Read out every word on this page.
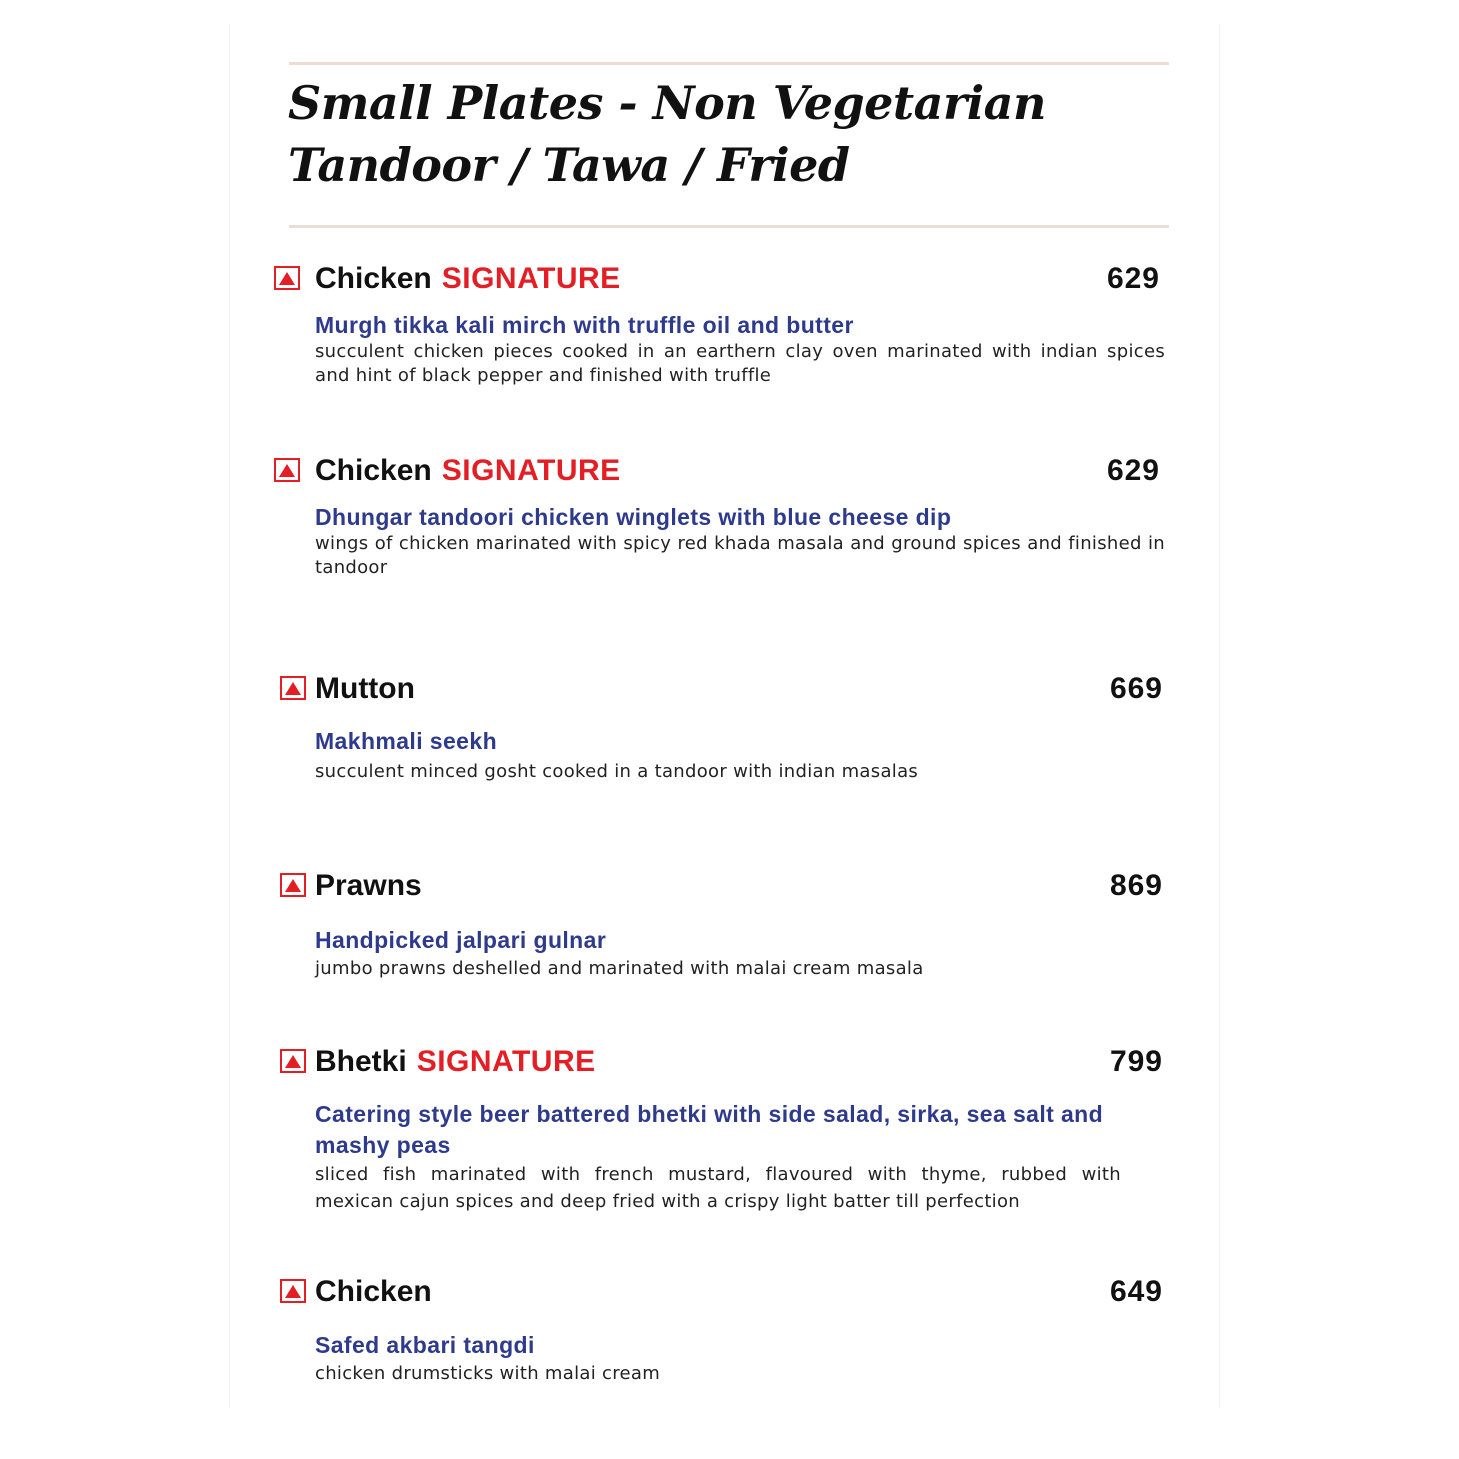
Small Plates - Non Vegetarian
Tandoor / Tawa / Fried
Chicken SIGNATURE	629
Murgh tikka kali mirch with truffle oil and butter
succulent chicken pieces cooked in an earthern clay oven marinated with indian spices and hint of black pepper and finished with truffle
Chicken SIGNATURE	629
Dhungar tandoori chicken winglets with blue cheese dip
wings of chicken marinated with spicy red khada masala and ground spices and finished in tandoor
Mutton	669
Makhmali seekh
succulent minced gosht cooked in a tandoor with indian masalas
Prawns	869
Handpicked jalpari gulnar
jumbo prawns deshelled and marinated with malai cream masala
Bhetki SIGNATURE	799
Catering style beer battered bhetki with side salad, sirka, sea salt and mashy peas
sliced fish marinated with french mustard, flavoured with thyme, rubbed with mexican cajun spices and deep fried with a crispy light batter till perfection
Chicken	649
Safed akbari tangdi
chicken drumsticks with malai cream
